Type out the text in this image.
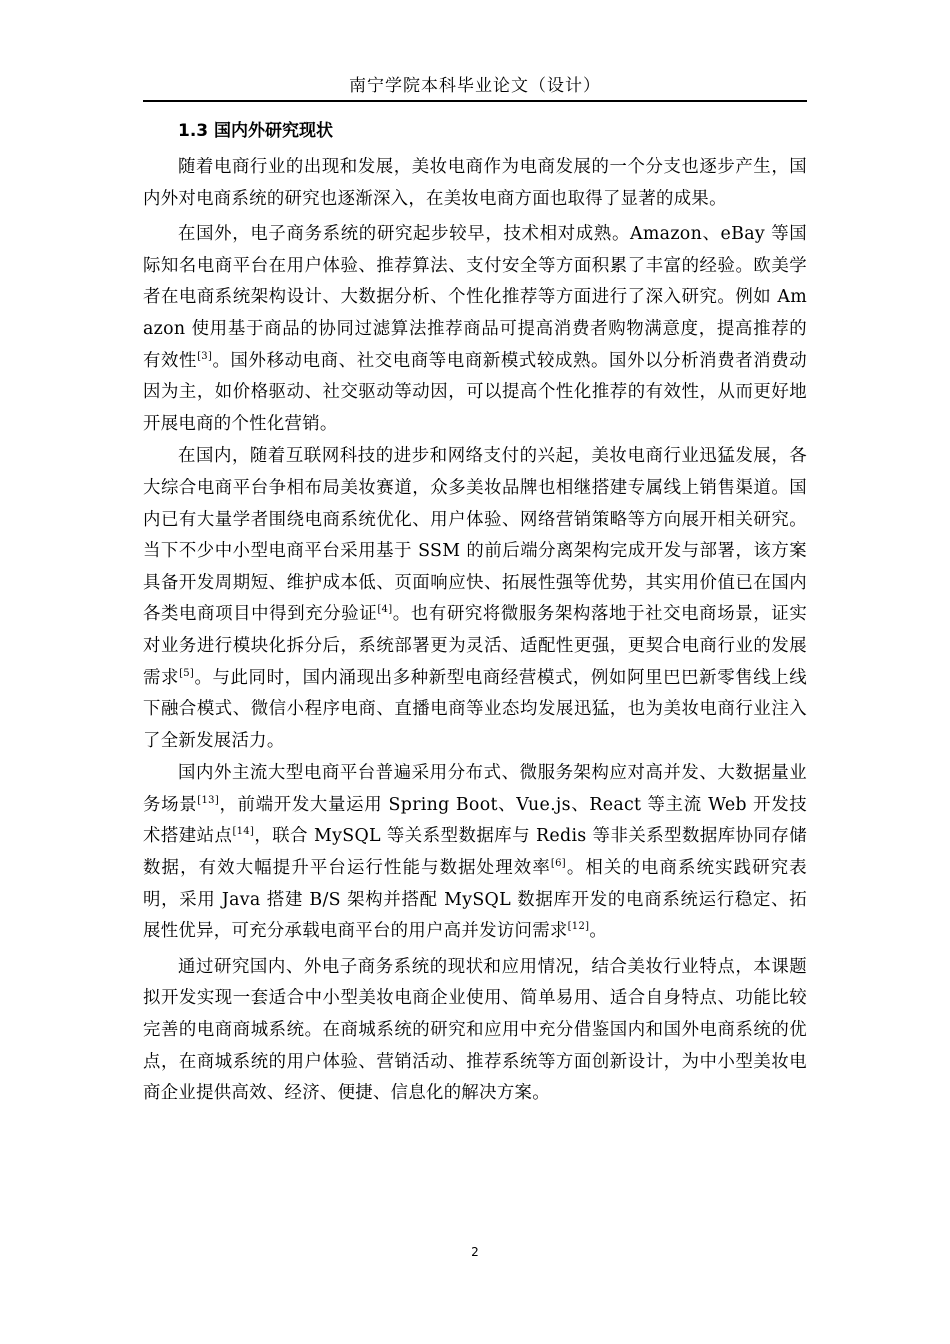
南宁学院本科毕业论文（设计）
1.3 国内外研究现状

随着电商行业的出现和发展，美妆电商作为电商发展的一个分支也逐步产生，国内外对电商系统的研究也逐渐深入，在美妆电商方面也取得了显著的成果。

在国外，电子商务系统的研究起步较早，技术相对成熟。Amazon、eBay 等国际知名电商平台在用户体验、推荐算法、支付安全等方面积累了丰富的经验。欧美学者在电商系统架构设计、大数据分析、个性化推荐等方面进行了深入研究。例如 Amazon 使用基于商品的协同过滤算法推荐商品可提高消费者购物满意度，提高推荐的有效性[3]。国外移动电商、社交电商等电商新模式较成熟。国外以分析消费者消费动因为主，如价格驱动、社交驱动等动因，可以提高个性化推荐的有效性，从而更好地开展电商的个性化营销。

在国内，随着互联网科技的进步和网络支付的兴起，美妆电商行业迅猛发展，各大综合电商平台争相布局美妆赛道，众多美妆品牌也相继搭建专属线上销售渠道。国内已有大量学者围绕电商系统优化、用户体验、网络营销策略等方向展开相关研究。当下不少中小型电商平台采用基于 SSM 的前后端分离架构完成开发与部署，该方案具备开发周期短、维护成本低、页面响应快、拓展性强等优势，其实用价值已在国内各类电商项目中得到充分验证[4]。也有研究将微服务架构落地于社交电商场景，证实对业务进行模块化拆分后，系统部署更为灵活、适配性更强，更契合电商行业的发展需求[5]。与此同时，国内涌现出多种新型电商经营模式，例如阿里巴巴新零售线上线下融合模式、微信小程序电商、直播电商等业态均发展迅猛，也为美妆电商行业注入了全新发展活力。

国内外主流大型电商平台普遍采用分布式、微服务架构应对高并发、大数据量业务场景[13]，前端开发大量运用 Spring Boot、Vue.js、React 等主流 Web 开发技术搭建站点[14]，联合 MySQL 等关系型数据库与 Redis 等非关系型数据库协同存储数据，有效大幅提升平台运行性能与数据处理效率[6]。相关的电商系统实践研究表明，采用 Java 搭建 B/S 架构并搭配 MySQL 数据库开发的电商系统运行稳定、拓展性优异，可充分承载电商平台的用户高并发访问需求[12]。

通过研究国内、外电子商务系统的现状和应用情况，结合美妆行业特点，本课题拟开发实现一套适合中小型美妆电商企业使用、简单易用、适合自身特点、功能比较完善的电商商城系统。在商城系统的研究和应用中充分借鉴国内和国外电商系统的优点，在商城系统的用户体验、营销活动、推荐系统等方面创新设计，为中小型美妆电商企业提供高效、经济、便捷、信息化的解决方案。

2
